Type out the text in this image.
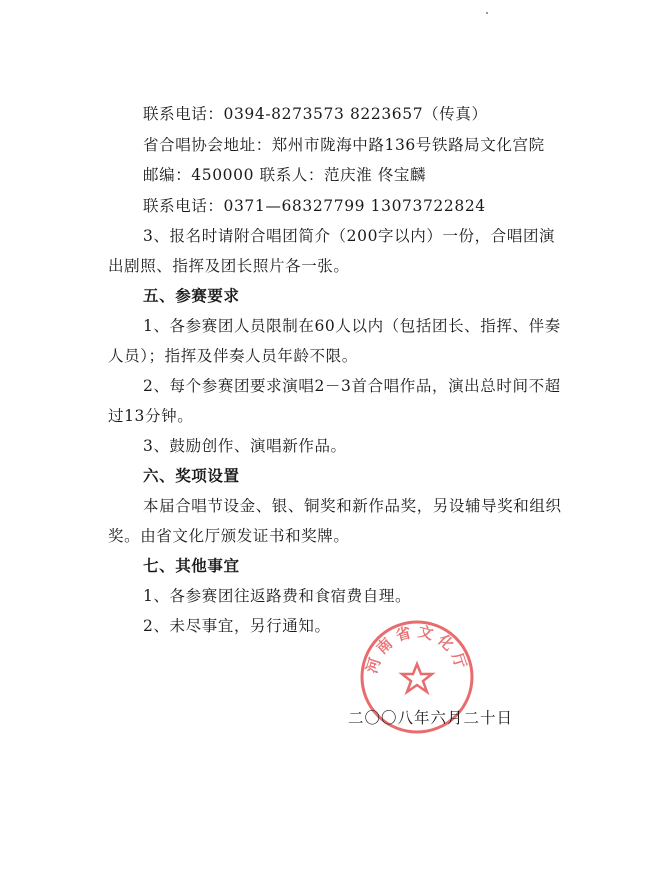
联系电话：0394-8273573 8223657（传真）
省合唱协会地址：郑州市陇海中路136号铁路局文化宫院
邮编：450000 联系人：范庆淮 佟宝麟
联系电话：0371—68327799 13073722824
3、报名时请附合唱团简介（200字以内）一份，合唱团演
出剧照、指挥及团长照片各一张。
五、参赛要求
1、各参赛团人员限制在60人以内（包括团长、指挥、伴奏
人员）；指挥及伴奏人员年龄不限。
2、每个参赛团要求演唱2－3首合唱作品，演出总时间不超
过13分钟。
3、鼓励创作、演唱新作品。
六、奖项设置
本届合唱节设金、银、铜奖和新作品奖，另设辅导奖和组织
奖。由省文化厅颁发证书和奖牌。
七、其他事宜
1、各参赛团往返路费和食宿费自理。
2、未尽事宜，另行通知。
河南省文化厅
二〇〇八年六月二十日
